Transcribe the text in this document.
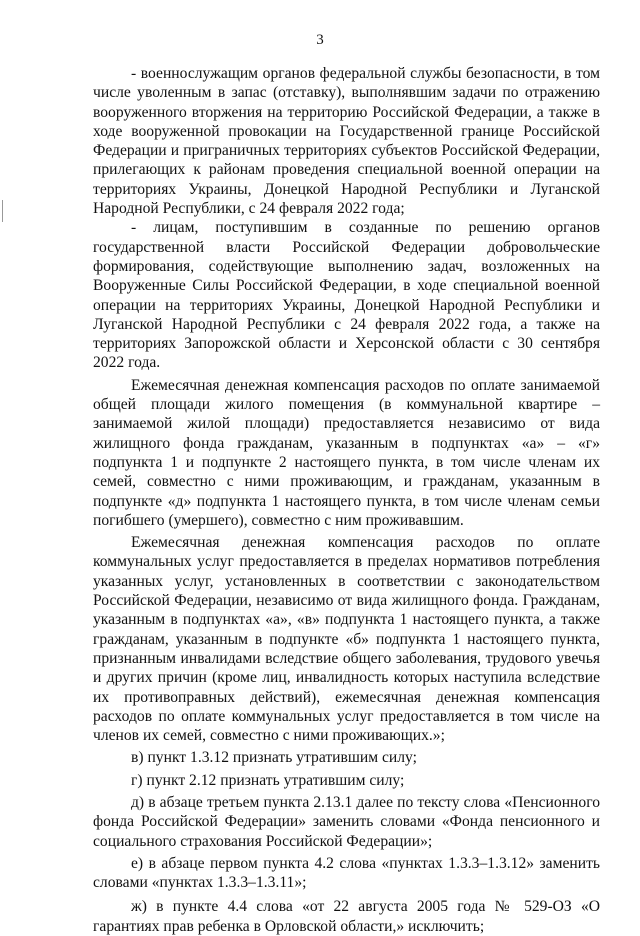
3

- военнослужащим органов федеральной службы безопасности, в том числе уволенным в запас (отставку), выполнявшим задачи по отражению вооруженного вторжения на территорию Российской Федерации, а также в ходе вооруженной провокации на Государственной границе Российской Федерации и приграничных территориях субъектов Российской Федерации, прилегающих к районам проведения специальной военной операции на территориях Украины, Донецкой Народной Республики и Луганской Народной Республики, с 24 февраля 2022 года;

- лицам, поступившим в созданные по решению органов государственной власти Российской Федерации добровольческие формирования, содействующие выполнению задач, возложенных на Вооруженные Силы Российской Федерации, в ходе специальной военной операции на территориях Украины, Донецкой Народной Республики и Луганской Народной Республики с 24 февраля 2022 года, а также на территориях Запорожской области и Херсонской области с 30 сентября 2022 года.

Ежемесячная денежная компенсация расходов по оплате занимаемой общей площади жилого помещения (в коммунальной квартире – занимаемой жилой площади) предоставляется независимо от вида жилищного фонда гражданам, указанным в подпунктах «а» – «г» подпункта 1 и подпункте 2 настоящего пункта, в том числе членам их семей, совместно с ними проживающим, и гражданам, указанным в подпункте «д» подпункта 1 настоящего пункта, в том числе членам семьи погибшего (умершего), совместно с ним проживавшим.

Ежемесячная денежная компенсация расходов по оплате коммунальных услуг предоставляется в пределах нормативов потребления указанных услуг, установленных в соответствии с законодательством Российской Федерации, независимо от вида жилищного фонда. Гражданам, указанным в подпунктах «а», «в» подпункта 1 настоящего пункта, а также гражданам, указанным в подпункте «б» подпункта 1 настоящего пункта, признанным инвалидами вследствие общего заболевания, трудового увечья и других причин (кроме лиц, инвалидность которых наступила вследствие их противоправных действий), ежемесячная денежная компенсация расходов по оплате коммунальных услуг предоставляется в том числе на членов их семей, совместно с ними проживающих.»;

в) пункт 1.3.12 признать утратившим силу;

г) пункт 2.12 признать утратившим силу;

д) в абзаце третьем пункта 2.13.1 далее по тексту слова «Пенсионного фонда Российской Федерации» заменить словами «Фонда пенсионного и социального страхования Российской Федерации»;

е) в абзаце первом пункта 4.2 слова «пунктах 1.3.3–1.3.12» заменить словами «пунктах 1.3.3–1.3.11»;

ж) в пункте 4.4 слова «от 22 августа 2005 года № 529-ОЗ «О гарантиях прав ребенка в Орловской области,» исключить;
